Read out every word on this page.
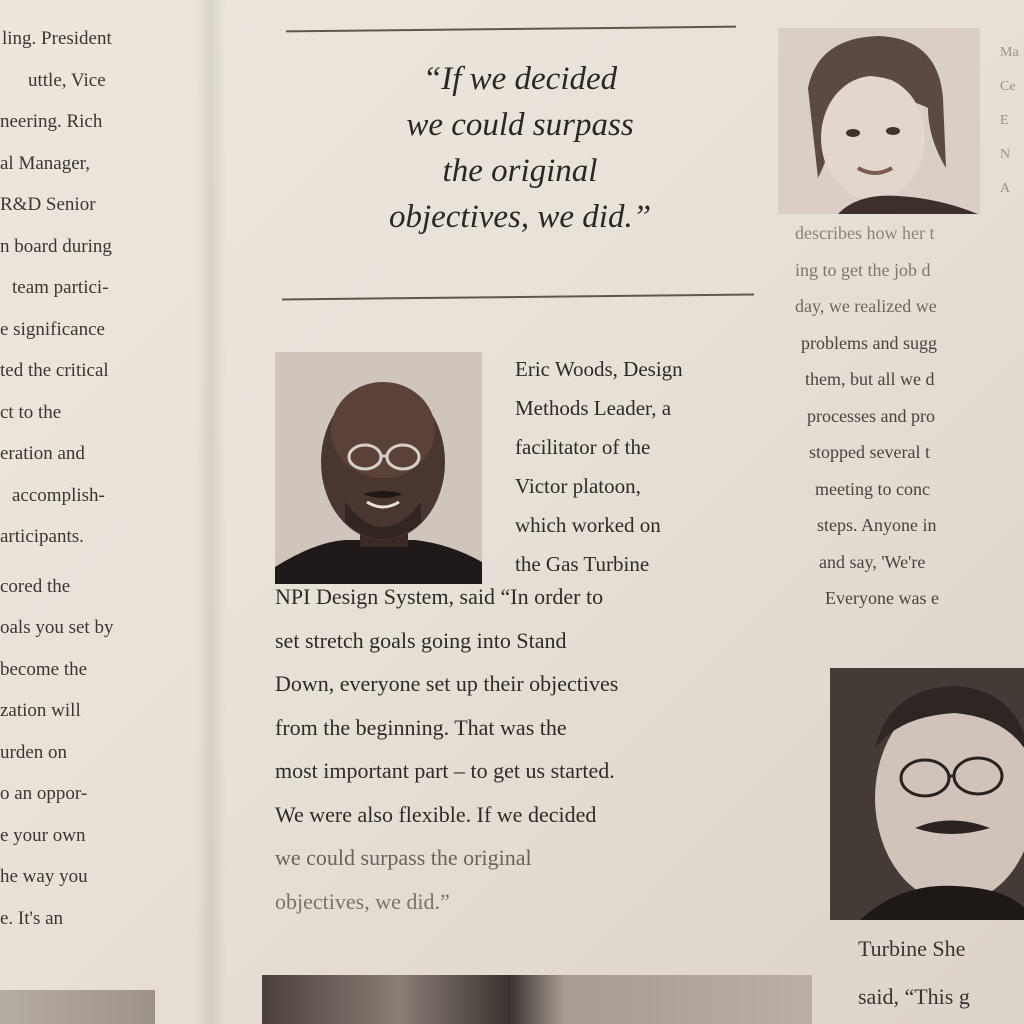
ling. President
uttle, Vice
neering. Rich
al Manager,
R&D Senior
n board during
team partici-
e significance
ted the critical
ct to the
eration and
accomplish-
articipants.
cored the
oals you set by
become the
zation will
urden on
o an oppor-
e your own
he way you
e. It's an
“If we decided
we could surpass
the original
objectives, we did.”
Eric Woods, Design
Methods Leader, a
facilitator of the
Victor platoon,
which worked on
the Gas Turbine
NPI Design System, said “In order to
set stretch goals going into Stand
Down, everyone set up their objectives
from the beginning. That was the
most important part – to get us started.
We were also flexible. If we decided
we could surpass the original
objectives, we did.”
Ma
Ce
E
N
A
describes how her t
ing to get the job d
day, we realized we
problems and sugg
them, but all we d
processes and pro
stopped several t
meeting to conc
steps. Anyone in
and say, 'We're
Everyone was e
Turbine She
said, “This g
